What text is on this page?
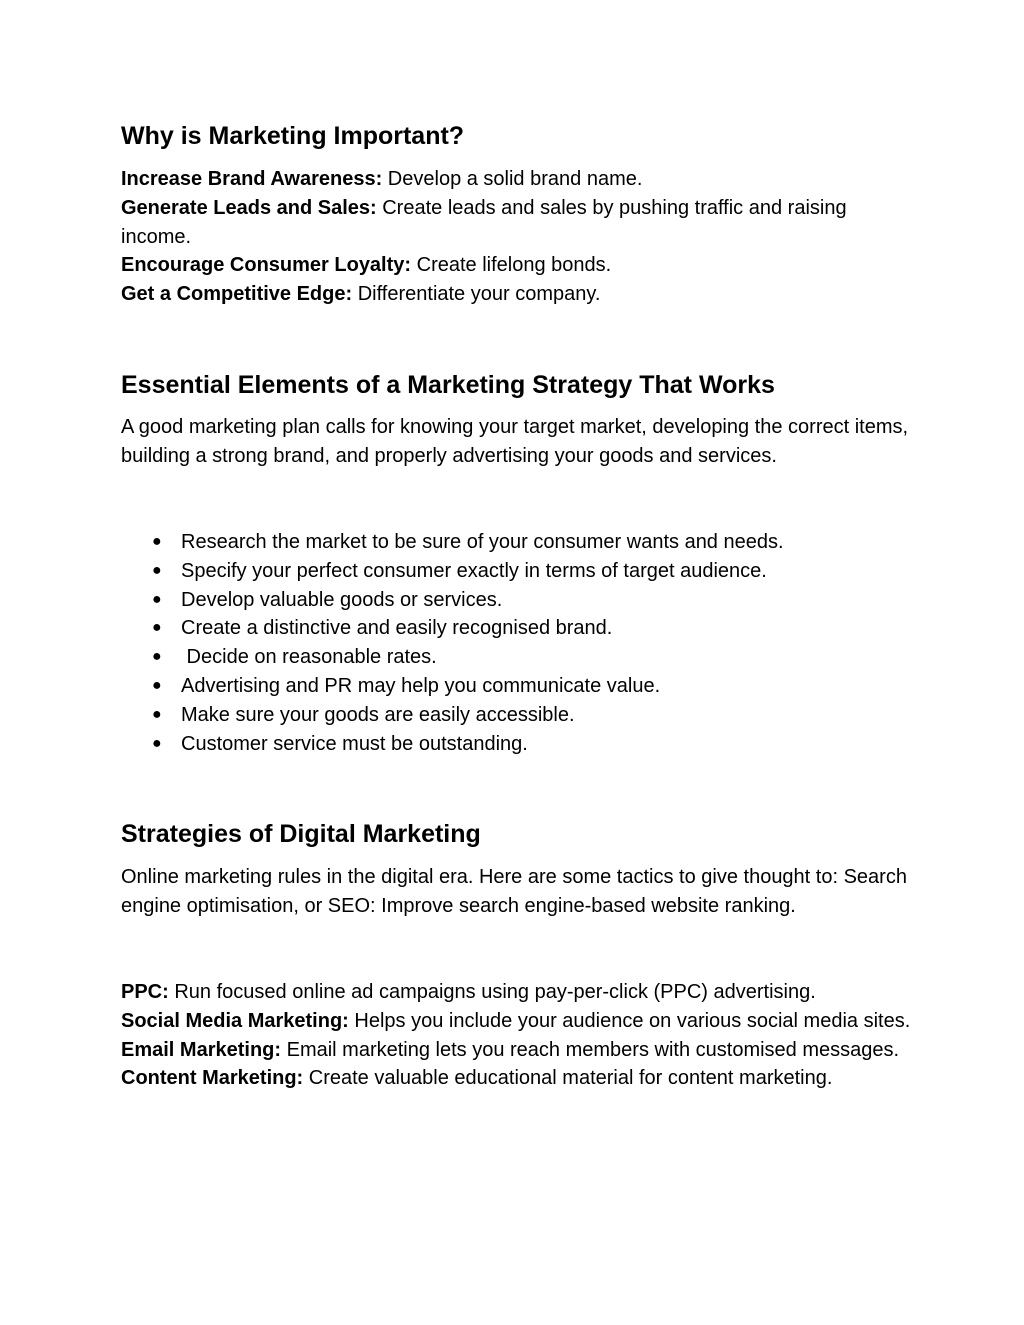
Why is Marketing Important?
Increase Brand Awareness: Develop a solid brand name.
Generate Leads and Sales: Create leads and sales by pushing traffic and raising income.
Encourage Consumer Loyalty: Create lifelong bonds.
Get a Competitive Edge: Differentiate your company.
Essential Elements of a Marketing Strategy That Works
A good marketing plan calls for knowing your target market, developing the correct items, building a strong brand, and properly advertising your goods and services.
● Research the market to be sure of your consumer wants and needs.
● Specify your perfect consumer exactly in terms of target audience.
● Develop valuable goods or services.
● Create a distinctive and easily recognised brand.
● Decide on reasonable rates.
● Advertising and PR may help you communicate value.
● Make sure your goods are easily accessible.
● Customer service must be outstanding.
Strategies of Digital Marketing
Online marketing rules in the digital era. Here are some tactics to give thought to: Search engine optimisation, or SEO: Improve search engine-based website ranking.
PPC: Run focused online ad campaigns using pay-per-click (PPC) advertising.
Social Media Marketing: Helps you include your audience on various social media sites.
Email Marketing: Email marketing lets you reach members with customised messages.
Content Marketing: Create valuable educational material for content marketing.
